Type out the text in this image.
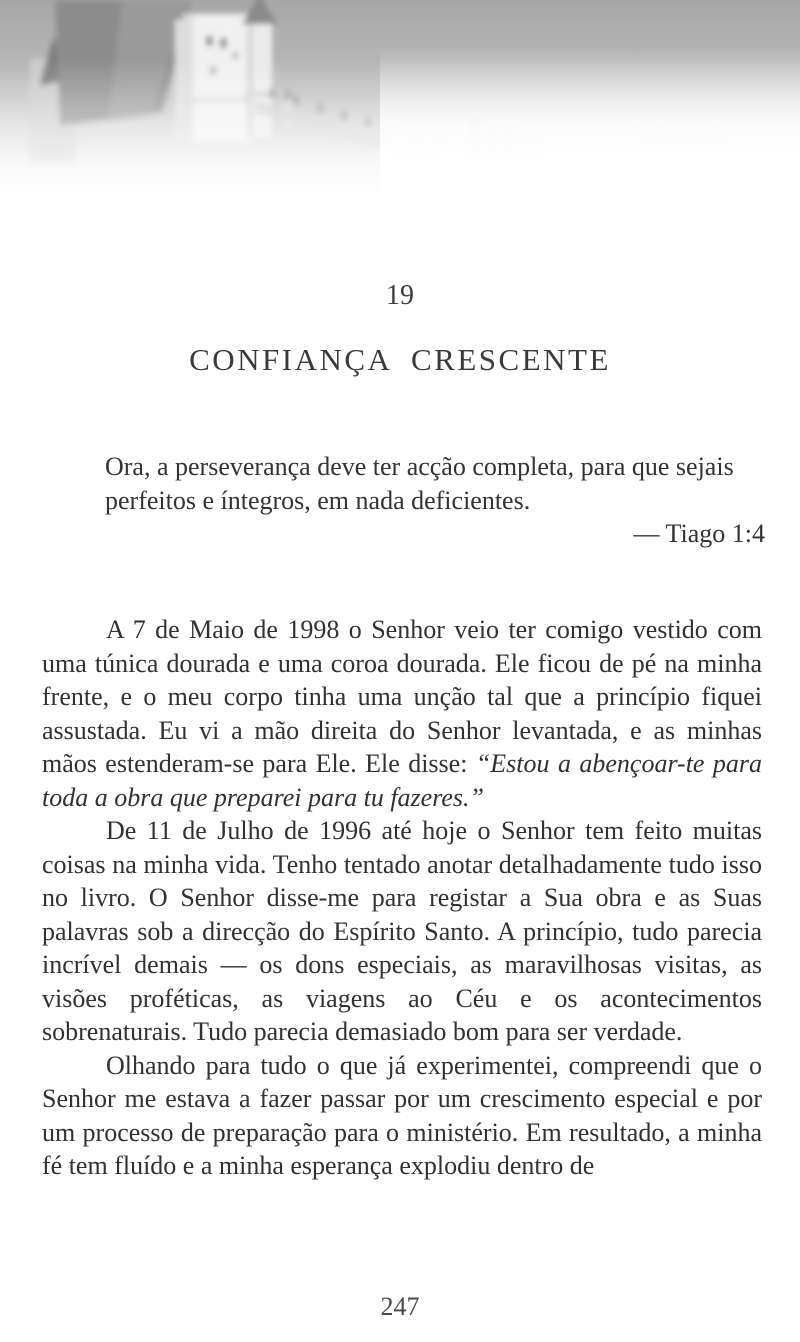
19
CONFIANÇA CRESCENTE
Ora, a perseverança deve ter acção completa, para que sejais perfeitos e íntegros, em nada deficientes.
— Tiago 1:4

A 7 de Maio de 1998 o Senhor veio ter comigo vestido com uma túnica dourada e uma coroa dourada. Ele ficou de pé na minha frente, e o meu corpo tinha uma unção tal que a princípio fiquei assustada. Eu vi a mão direita do Senhor levantada, e as minhas mãos estenderam-se para Ele. Ele disse: “Estou a abençoar-te para toda a obra que preparei para tu fazeres.”

De 11 de Julho de 1996 até hoje o Senhor tem feito muitas coisas na minha vida. Tenho tentado anotar detalhadamente tudo isso no livro. O Senhor disse-me para registar a Sua obra e as Suas palavras sob a direcção do Espírito Santo. A princípio, tudo parecia incrível demais — os dons especiais, as maravilhosas visitas, as visões proféticas, as viagens ao Céu e os acontecimentos sobrenaturais. Tudo parecia demasiado bom para ser verdade.

Olhando para tudo o que já experimentei, compreendi que o Senhor me estava a fazer passar por um crescimento especial e por um processo de preparação para o ministério. Em resultado, a minha fé tem fluído e a minha esperança explodiu dentro de

247
